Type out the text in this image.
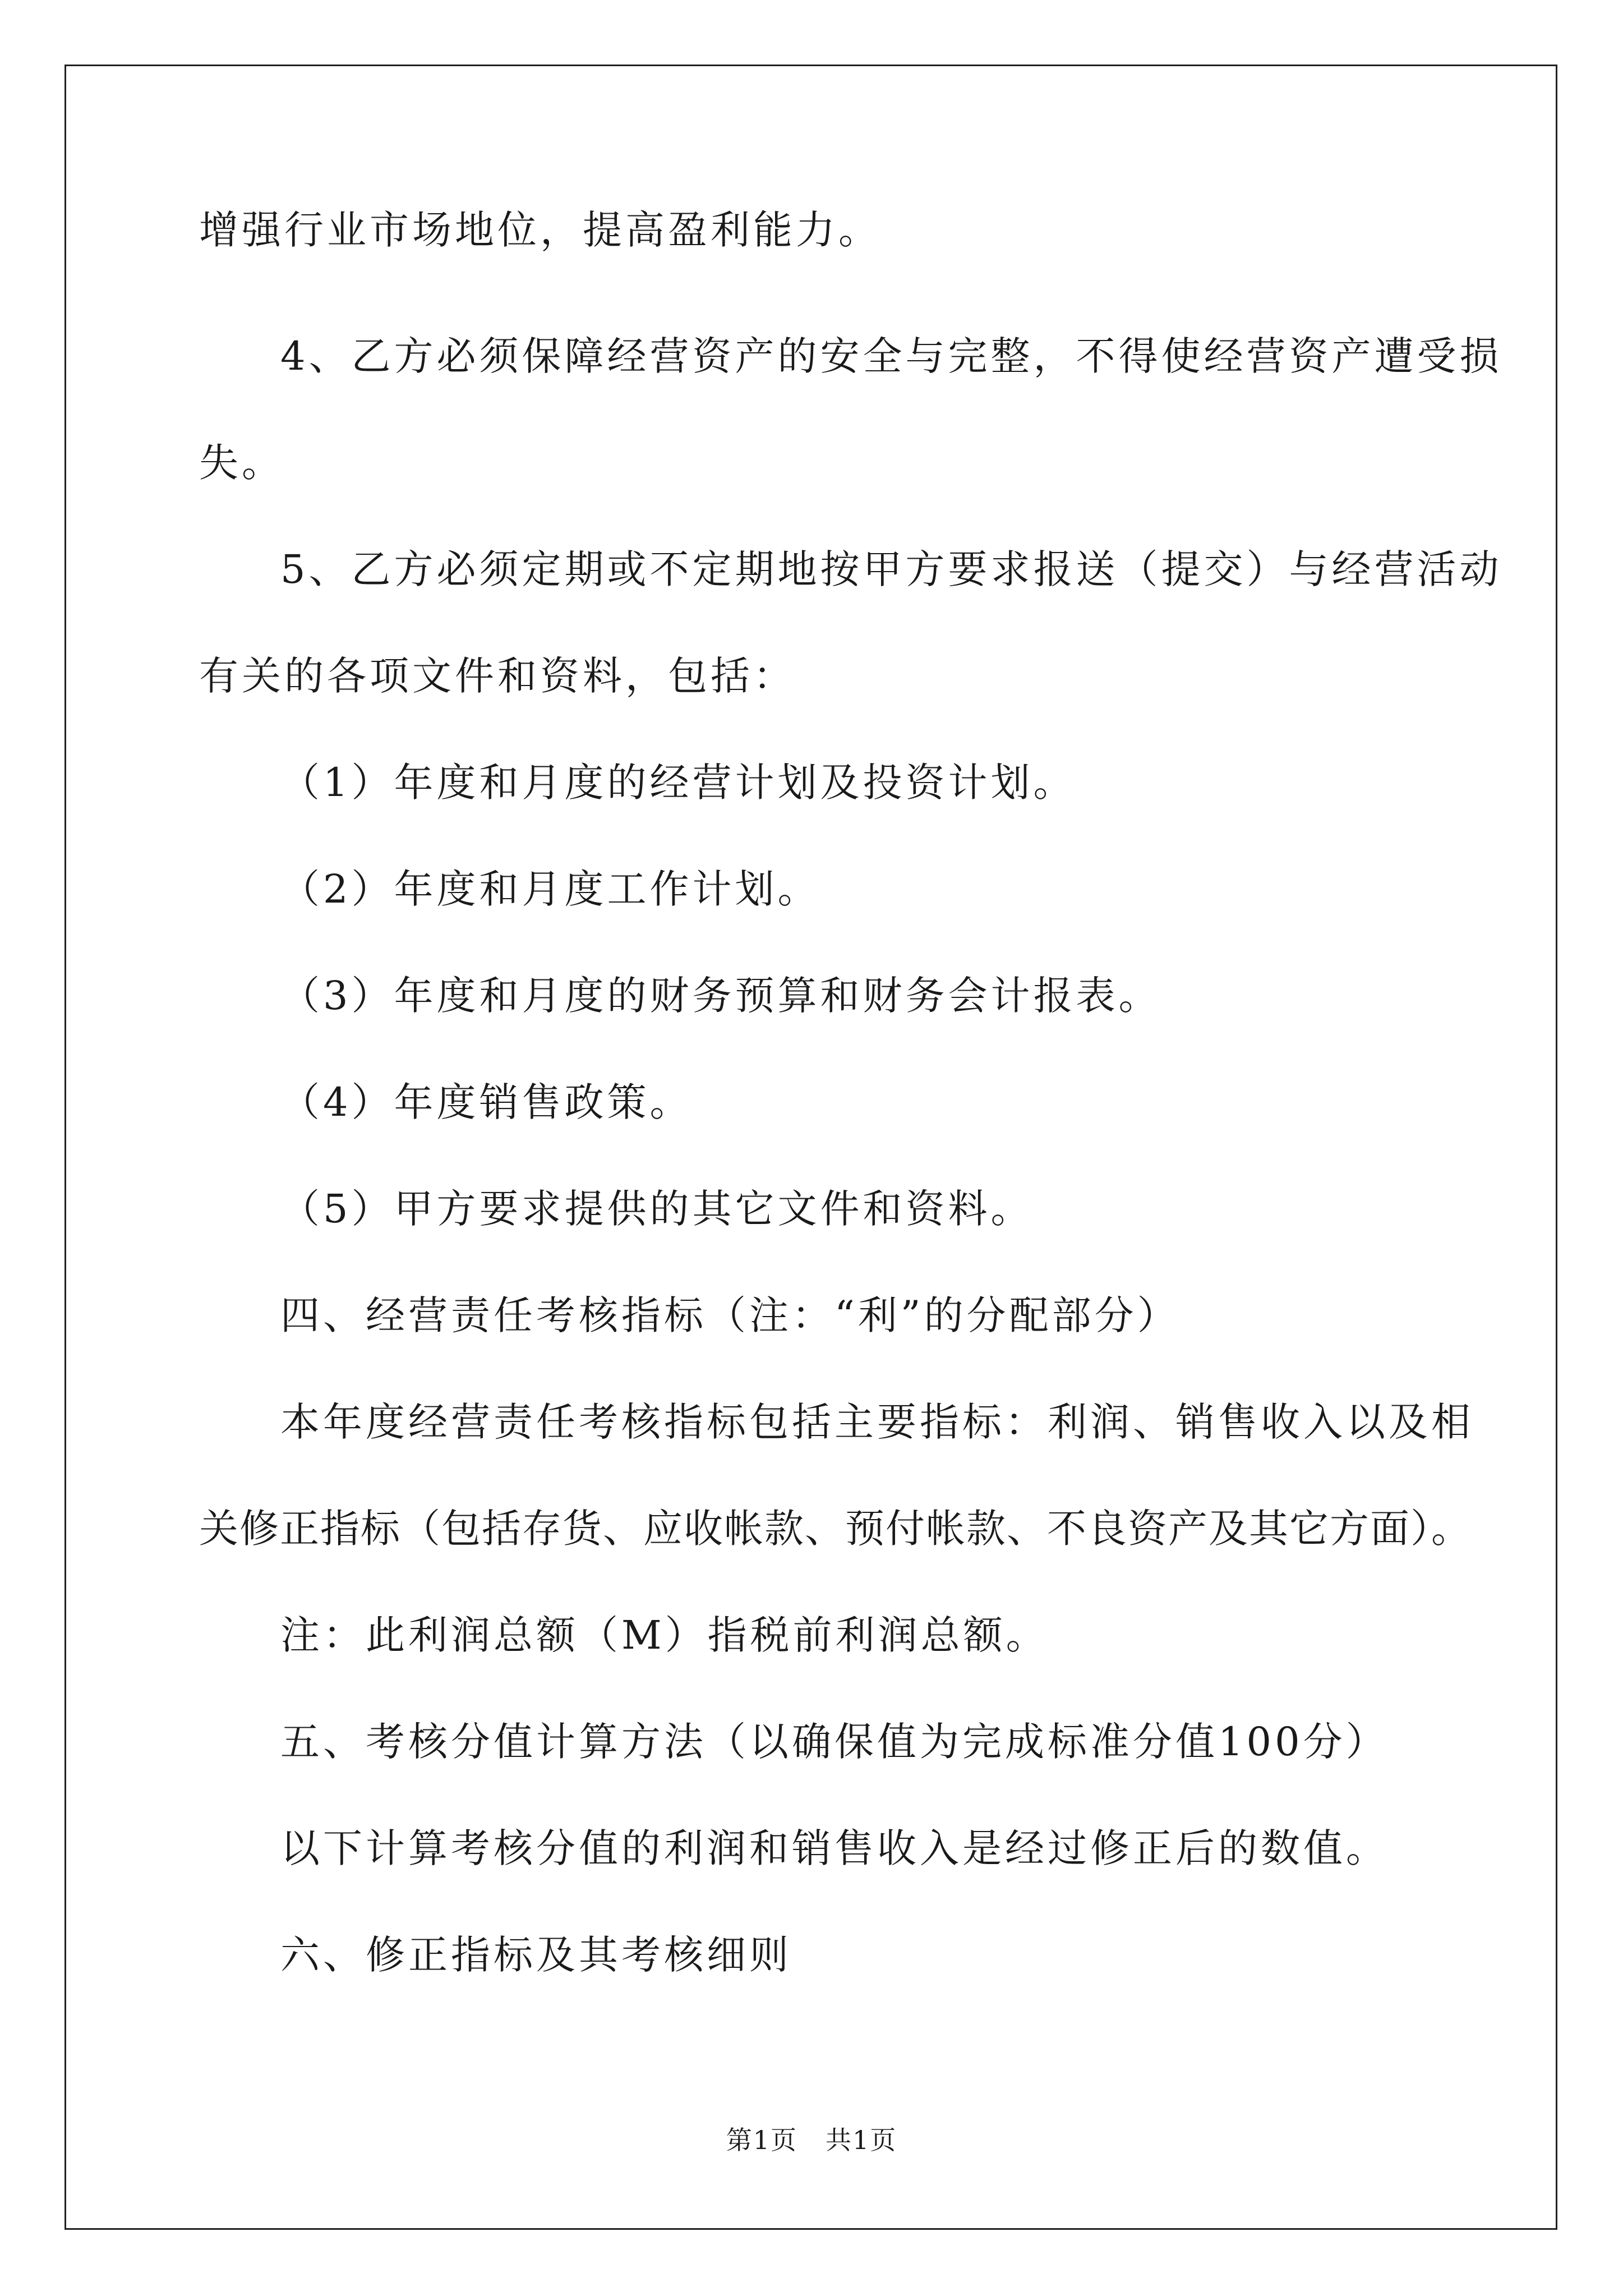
增强行业市场地位，提高盈利能力。

4、乙方必须保障经营资产的安全与完整，不得使经营资产遭受损

失。

5、乙方必须定期或不定期地按甲方要求报送（提交）与经营活动

有关的各项文件和资料，包括：

（1）年度和月度的经营计划及投资计划。

（2）年度和月度工作计划。

（3）年度和月度的财务预算和财务会计报表。

（4）年度销售政策。

（5）甲方要求提供的其它文件和资料。

四、经营责任考核指标（注：“利”的分配部分）

本年度经营责任考核指标包括主要指标：利润、销售收入以及相

关修正指标（包括存货、应收帐款、预付帐款、不良资产及其它方面）。

注：此利润总额（M）指税前利润总额。

五、考核分值计算方法（以确保值为完成标准分值100分）

以下计算考核分值的利润和销售收入是经过修正后的数值。

六、修正指标及其考核细则

第1页 共1页
